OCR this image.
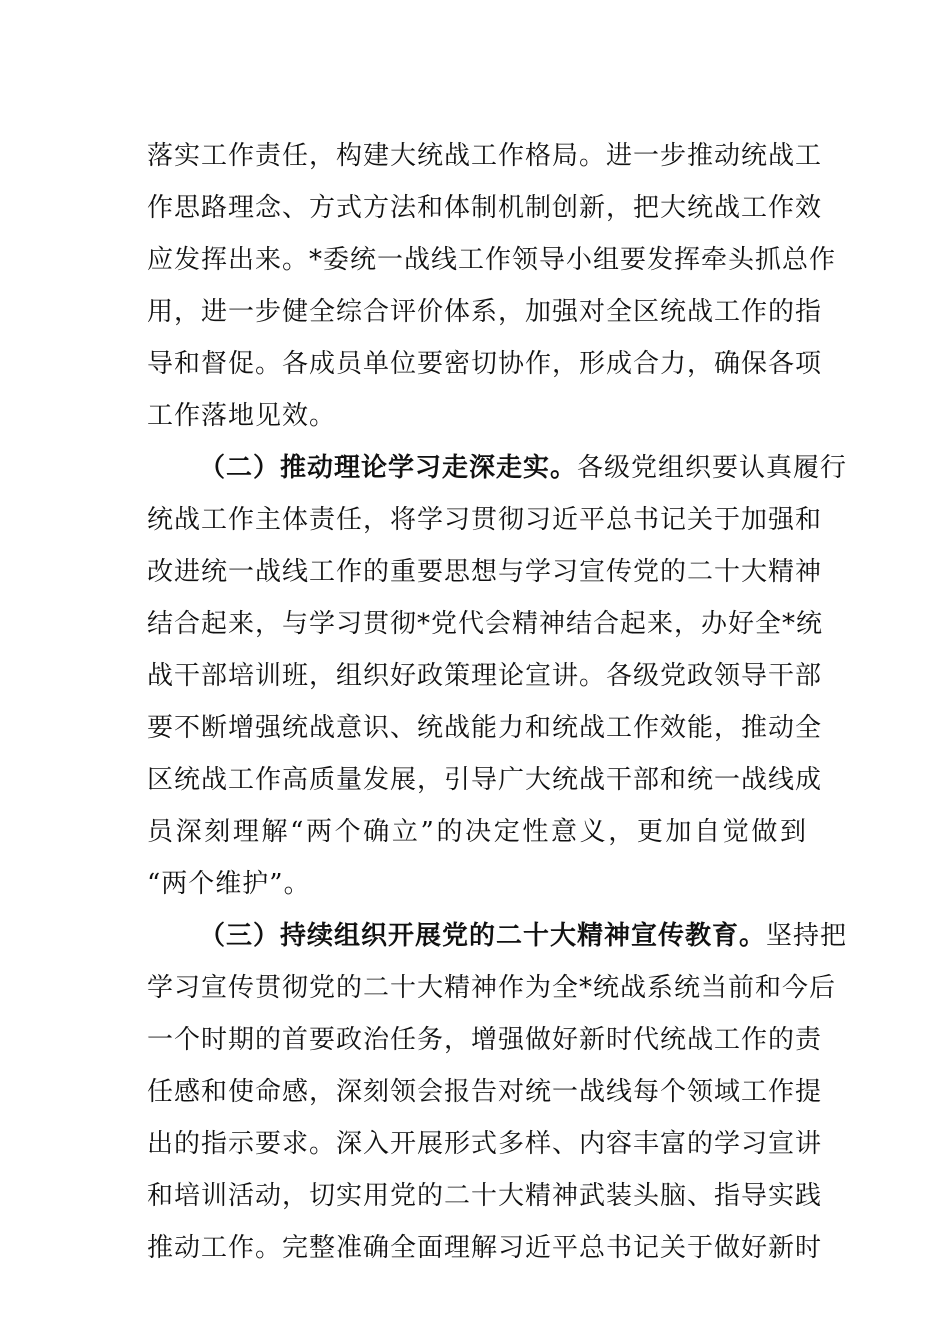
落实工作责任，构建大统战工作格局。进一步推动统战工
作思路理念、方式方法和体制机制创新，把大统战工作效
应发挥出来。*委统一战线工作领导小组要发挥牵头抓总作
用，进一步健全综合评价体系，加强对全区统战工作的指
导和督促。各成员单位要密切协作，形成合力，确保各项
工作落地见效。
（二）推动理论学习走深走实。各级党组织要认真履行
统战工作主体责任，将学习贯彻习近平总书记关于加强和
改进统一战线工作的重要思想与学习宣传党的二十大精神
结合起来，与学习贯彻*党代会精神结合起来，办好全*统
战干部培训班，组织好政策理论宣讲。各级党政领导干部
要不断增强统战意识、统战能力和统战工作效能，推动全
区统战工作高质量发展，引导广大统战干部和统一战线成
员深刻理解“两个确立”的决定性意义，更加自觉做到
“两个维护”。
（三）持续组织开展党的二十大精神宣传教育。坚持把
学习宣传贯彻党的二十大精神作为全*统战系统当前和今后
一个时期的首要政治任务，增强做好新时代统战工作的责
任感和使命感，深刻领会报告对统一战线每个领域工作提
出的指示要求。深入开展形式多样、内容丰富的学习宣讲
和培训活动，切实用党的二十大精神武装头脑、指导实践
推动工作。完整准确全面理解习近平总书记关于做好新时
